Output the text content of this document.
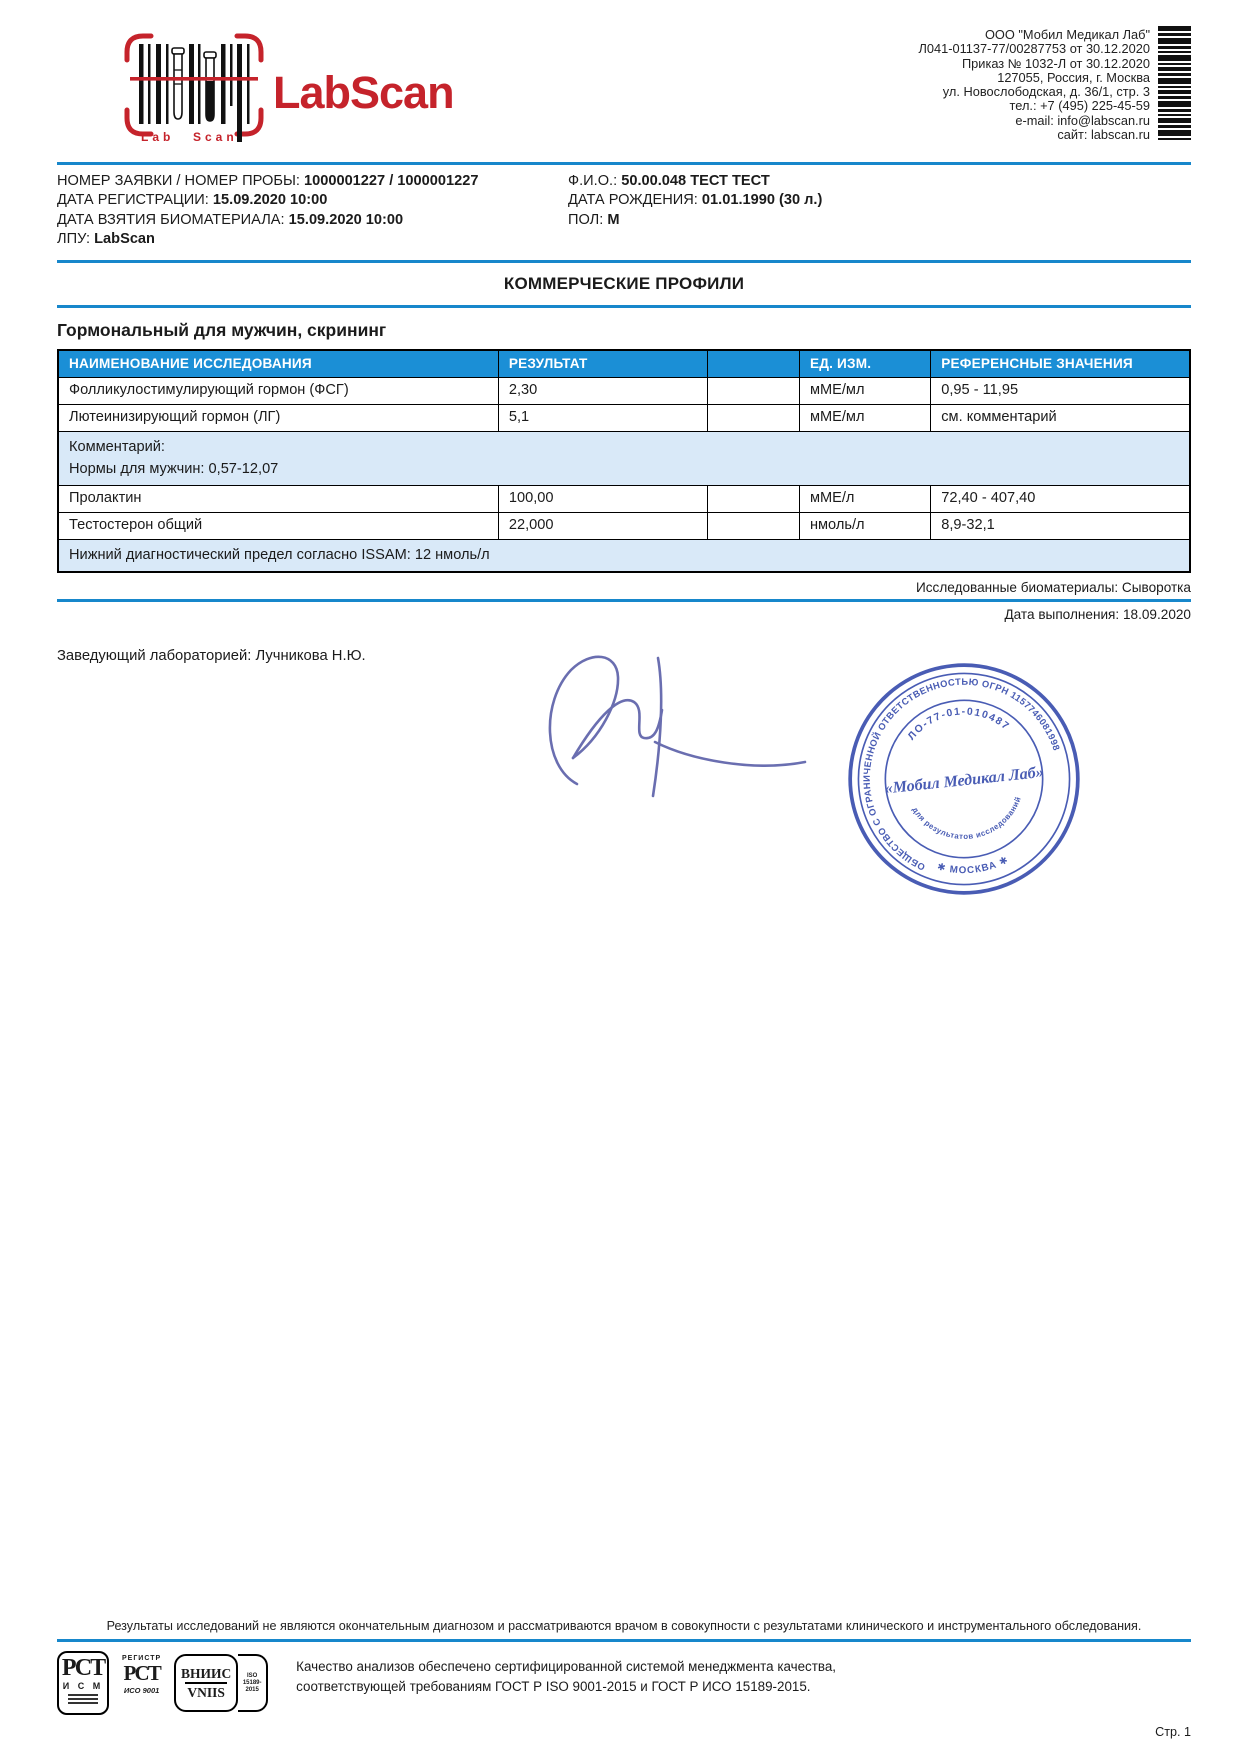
Lab Scan
LabScan
ООО "Мобил Медикал Лаб"
Л041-01137-77/00287753 от 30.12.2020
Приказ № 1032-Л от 30.12.2020
127055, Россия, г. Москва
ул. Новослободская, д. 36/1, стр. 3
тел.: +7 (495) 225-45-59
e-mail: info@labscan.ru
сайт: labscan.ru
НОМЕР ЗАЯВКИ / НОМЕР ПРОБЫ: 1000001227 / 1000001227
ДАТА РЕГИСТРАЦИИ: 15.09.2020 10:00
ДАТА ВЗЯТИЯ БИОМАТЕРИАЛА: 15.09.2020 10:00
ЛПУ: LabScan
Ф.И.О.: 50.00.048 ТЕСТ ТЕСТ
ДАТА РОЖДЕНИЯ: 01.01.1990 (30 л.)
ПОЛ: М
КОММЕРЧЕСКИЕ ПРОФИЛИ
Гормональный для мужчин, скрининг
НАИМЕНОВАНИЕ ИССЛЕДОВАНИЯ	РЕЗУЛЬТАТ		ЕД. ИЗМ.	РЕФЕРЕНСНЫЕ ЗНАЧЕНИЯ
Фолликулостимулирующий гормон (ФСГ)	2,30		мМЕ/мл	0,95 - 11,95
Лютеинизирующий гормон (ЛГ)	5,1		мМЕ/мл	см. комментарий

Комментарий:
Нормы для мужчин: 0,57-12,07				

Пролактин	100,00		мМЕ/л	72,40 - 407,40
Тестостерон общий	22,000		нмоль/л	8,9-32,1

Нижний диагностический предел согласно ISSAM: 12 нмоль/л				
Исследованные биоматериалы: Сыворотка
Дата выполнения: 18.09.2020
Заведующий лабораторией: Лучникова Н.Ю.
ОБЩЕСТВО С ОГРАНИЧЕННОЙ ОТВЕТСТВЕННОСТЬЮ ОГРН 1157746081998
✱ МОСКВА ✱
ЛО-77-01-010487
«Мобил Медикал Лаб»
для результатов исследований
Результаты исследований не являются окончательным диагнозом и рассматриваются врачом в совокупности с результатами клинического и инструментального обследования.
РСТ
И С М
РЕГИСТР
РСТ
ИСО 9001
ВНИИС
VNIIS
ISO
15189-2015
Качество анализов обеспечено сертифицированной системой менеджмента качества,
соответствующей требованиям ГОСТ Р ISO 9001-2015 и ГОСТ Р ИСО 15189-2015.
Стр. 1
